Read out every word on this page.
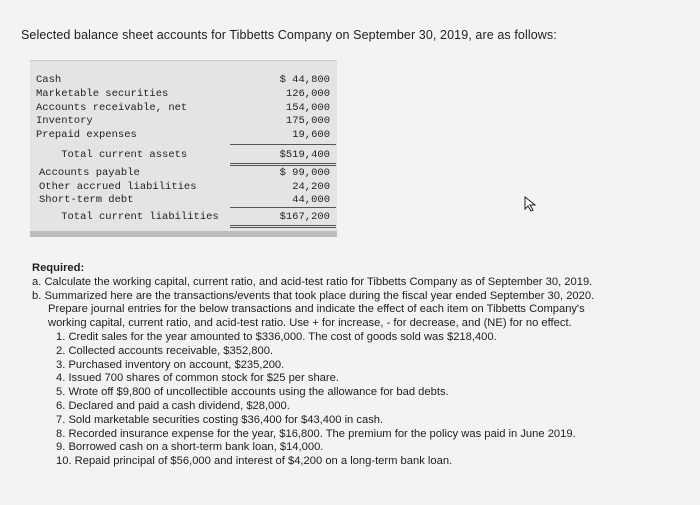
Selected balance sheet accounts for Tibbetts Company on September 30, 2019, are as follows:
Cash
Marketable securities
Accounts receivable, net
Inventory
Prepaid expenses
Total current assets
Accounts payable
Other accrued liabilities
Short-term debt
Total current liabilities
$ 44,800
126,000
154,000
175,000
19,600
$519,400
$ 99,000
24,200
44,000
$167,200

Required:

a. Calculate the working capital, current ratio, and acid-test ratio for Tibbetts Company as of September 30, 2019.

b. Summarized here are the transactions/events that took place during the fiscal year ended September 30, 2020.

Prepare journal entries for the below transactions and indicate the effect of each item on Tibbetts Company's

working capital, current ratio, and acid-test ratio. Use + for increase, - for decrease, and (NE) for no effect.

1. Credit sales for the year amounted to $336,000. The cost of goods sold was $218,400.

2. Collected accounts receivable, $352,800.

3. Purchased inventory on account, $235,200.

4. Issued 700 shares of common stock for $25 per share.

5. Wrote off $9,800 of uncollectible accounts using the allowance for bad debts.

6. Declared and paid a cash dividend, $28,000.

7. Sold marketable securities costing $36,400 for $43,400 in cash.

8. Recorded insurance expense for the year, $16,800. The premium for the policy was paid in June 2019.

9. Borrowed cash on a short-term bank loan, $14,000.

10. Repaid principal of $56,000 and interest of $4,200 on a long-term bank loan.
